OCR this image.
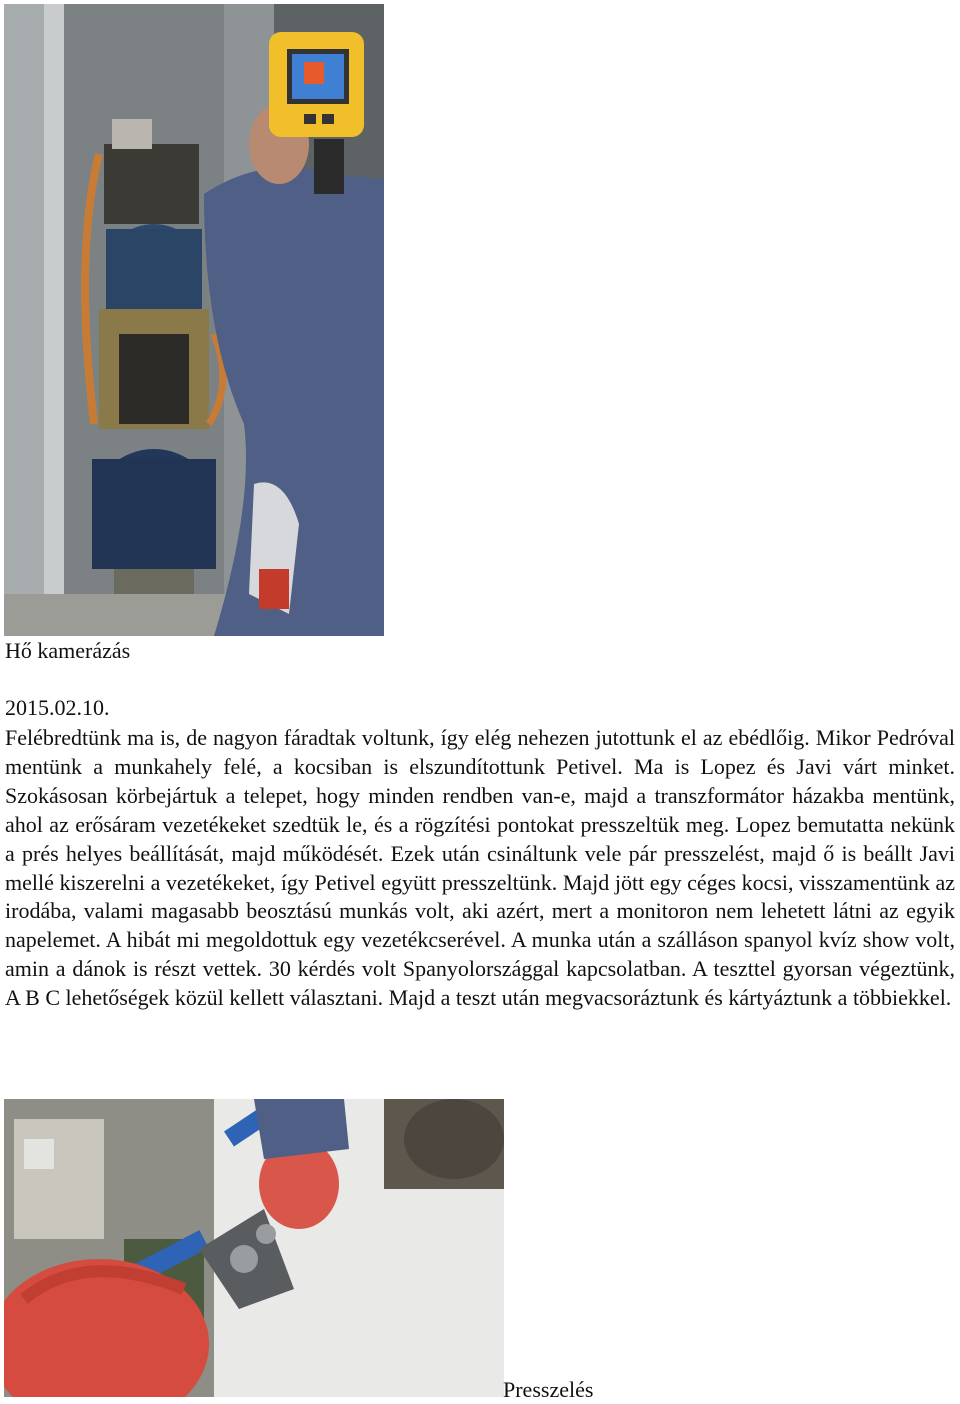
Hő kamerázás
2015.02.10.

Felébredtünk ma is, de nagyon fáradtak voltunk, így elég nehezen jutottunk el az ebédlőig. Mikor Pedróval mentünk a munkahely felé, a kocsiban is elszundítottunk Petivel. Ma is Lopez és Javi várt minket. Szokásosan körbejártuk a telepet, hogy minden rendben van-e, majd a transzformátor házakba mentünk, ahol az erősáram vezetékeket szedtük le, és a rögzítési pontokat presszeltük meg. Lopez bemutatta nekünk a prés helyes beállítását, majd működését. Ezek után csináltunk vele pár presszelést, majd ő is beállt Javi mellé kiszerelni a vezetékeket, így Petivel együtt presszeltünk. Majd jött egy céges kocsi, visszamentünk az irodába, valami magasabb beosztású munkás volt, aki azért, mert a monitoron nem lehetett látni az egyik napelemet. A hibát mi megoldottuk egy vezetékcserével. A munka után a szálláson spanyol kvíz show volt, amin a dánok is részt vettek. 30 kérdés volt Spanyolországgal kapcsolatban. A teszttel gyorsan végeztünk, A B C lehetőségek közül kellett választani. Majd a teszt után megvacsoráztunk és kártyáztunk a többiekkel.

Presszelés
